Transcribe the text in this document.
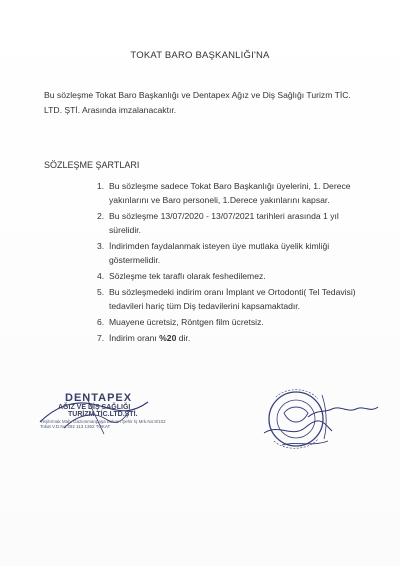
TOKAT BARO BAŞKANLIĞI'NA
Bu sözleşme Tokat Baro Başkanlığı ve Dentapex Ağız ve Diş Sağlığı Turizm TİC. LTD. ŞTİ. Arasında imzalanacaktır.
SÖZLEŞME ŞARTLARI
1. Bu sözleşme sadece Tokat Baro Başkanlığı üyelerini, 1. Derece yakınlarını ve Baro personeli, 1.Derece yakınlarını kapsar.
2. Bu sözleşme 13/07/2020 - 13/07/2021 tarihleri arasında 1 yıl sürelidir.
3. İndirimden faydalanmak isteyen üye mutlaka üyelik kimliği göstermelidir.
4. Sözleşme tek taraflı olarak feshedilemez.
5. Bu sözleşmedeki indirim oranı İmplant ve Ortodonti( Tel Tedavisi) tedavileri hariç tüm Diş tedavilerini kapsamaktadır.
6. Muayene ücretsiz, Röntgen film ücretsiz.
7. İndirim oranı %20 dir.
DENTAPEX
AĞIZ VE DİŞ SAĞLIĞI
TURİZM TİC.LTD.ŞTİ.
Yeşilırmak Mah. Gaziosmanpaşa Bulvarı Şehir İş Mrk.No:8/102
Tokat V.D.No:292 113 1362 TOKAT
